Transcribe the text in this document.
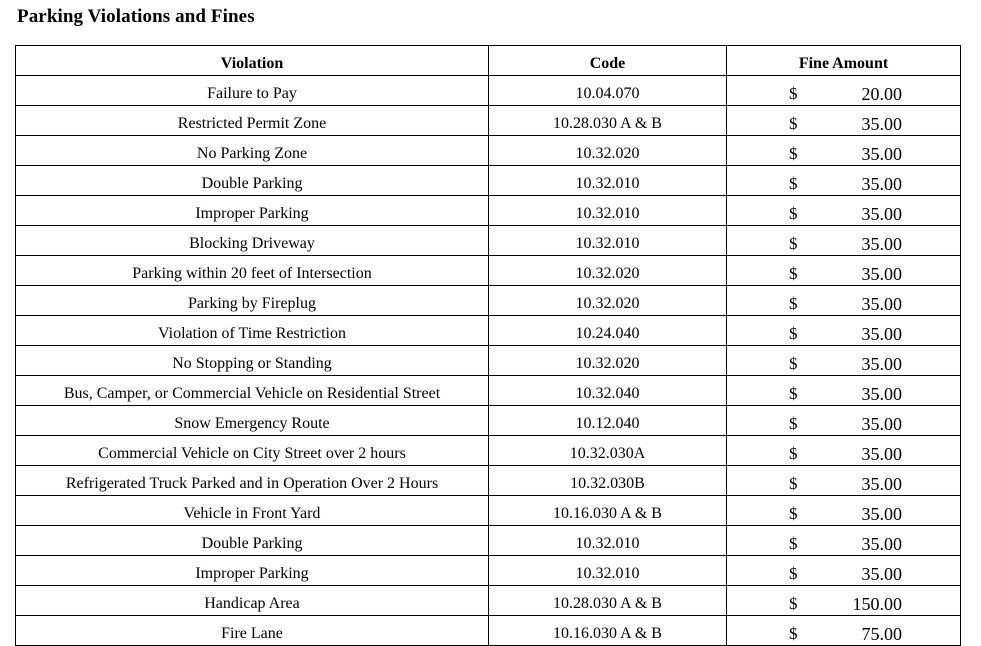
Parking Violations and Fines
Violation	Code	Fine Amount
Failure to Pay	10.04.070	$ 20.00

Restricted Permit Zone	10.28.030 A & B	$ 35.00

No Parking Zone	10.32.020	$ 35.00

Double Parking	10.32.010	$ 35.00

Improper Parking	10.32.010	$ 35.00

Blocking Driveway	10.32.010	$ 35.00

Parking within 20 feet of Intersection	10.32.020	$ 35.00

Parking by Fireplug	10.32.020	$ 35.00

Violation of Time Restriction	10.24.040	$ 35.00

No Stopping or Standing	10.32.020	$ 35.00

Bus, Camper, or Commercial Vehicle on Residential Street	10.32.040	$ 35.00

Snow Emergency Route	10.12.040	$ 35.00

Commercial Vehicle on City Street over 2 hours	10.32.030A	$ 35.00

Refrigerated Truck Parked and in Operation Over 2 Hours	10.32.030B	$ 35.00

Vehicle in Front Yard	10.16.030 A & B	$ 35.00

Double Parking	10.32.010	$ 35.00

Improper Parking	10.32.010	$ 35.00

Handicap Area	10.28.030 A & B	$ 150.00

Fire Lane	10.16.030 A & B	$ 75.00
